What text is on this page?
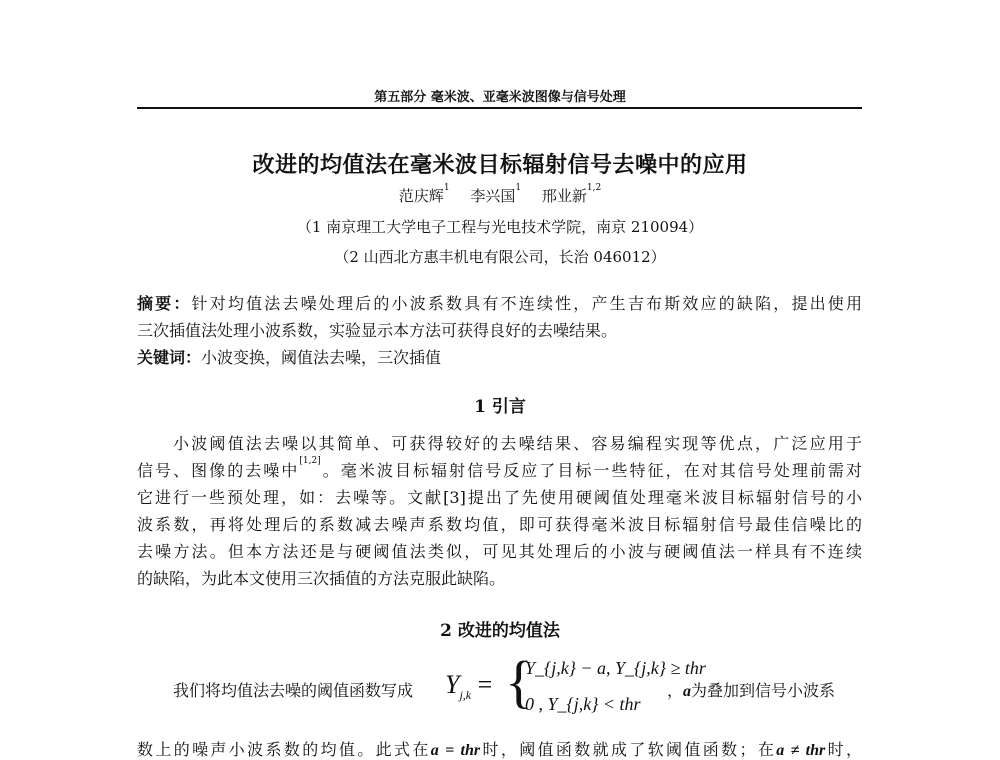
第五部分 毫米波、亚毫米波图像与信号处理
改进的均值法在毫米波目标辐射信号去噪中的应用
范庆辉$^1$ 李兴国$^1$ 邢业新$^{1,2}$
（1 南京理工大学电子工程与光电技术学院，南京 210094）
（2 山西北方惠丰机电有限公司，长治 046012）
摘要：针对均值法去噪处理后的小波系数具有不连续性，产生吉布斯效应的缺陷，提出使用
三次插值法处理小波系数，实验显示本方法可获得良好的去噪结果。
关键词：小波变换，阈值法去噪，三次插值
1 引言
小波阈值法去噪以其简单、可获得较好的去噪结果、容易编程实现等优点，广泛应用于
信号、图像的去噪中[1,2]。毫米波目标辐射信号反应了目标一些特征，在对其信号处理前需对
它进行一些预处理，如：去噪等。文献[3]提出了先使用硬阈值处理毫米波目标辐射信号的小
波系数，再将处理后的系数减去噪声系数均值，即可获得毫米波目标辐射信号最佳信噪比的
去噪方法。但本方法还是与硬阈值法类似，可见其处理后的小波与硬阈值法一样具有不连续
的缺陷，为此本文使用三次插值的方法克服此缺陷。
2 改进的均值法
我们将均值法去噪的阈值函数写成 $Y_{j,k}$ = {
Y_{j,k} − a, Y_{j,k} ≥ thr
0 , Y_{j,k} < thr
，a为叠加到信号小波系
数上的噪声小波系数的均值。此式在a = thr时，阈值函数就成了软阈值函数；在a ≠ thr时，
